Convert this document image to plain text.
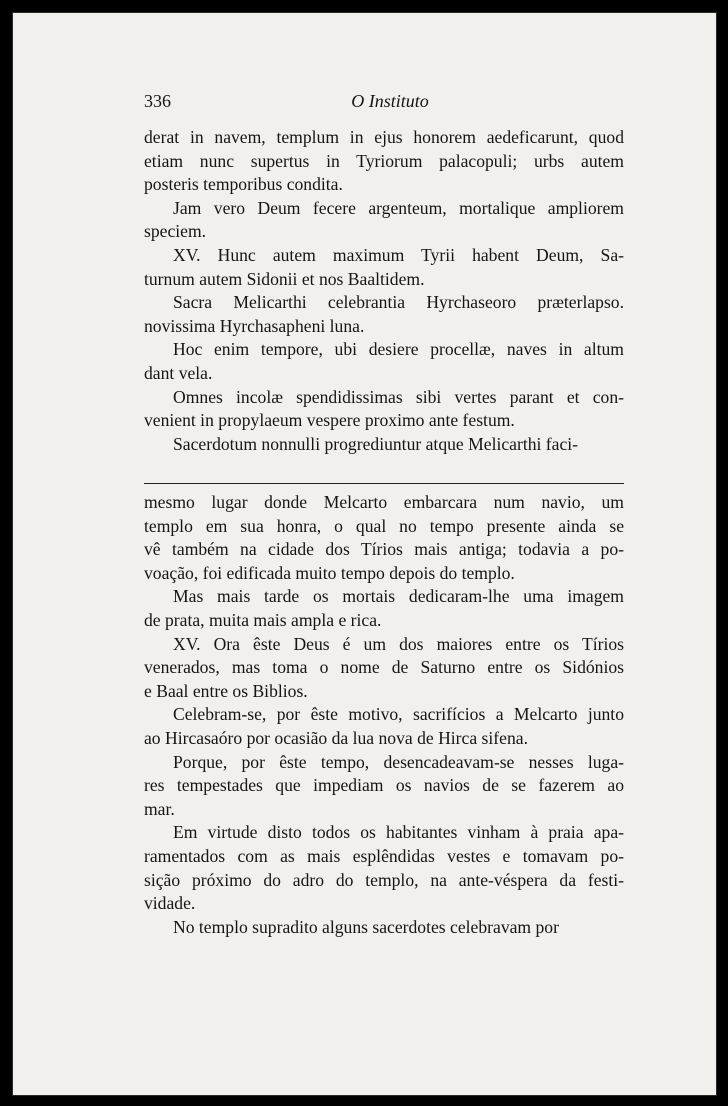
336	O Instituto
derat in navem, templum in ejus honorem aedeficarunt, quod
etiam nunc supertus in Tyriorum palacopuli; urbs autem
posteris temporibus condita.
Jam vero Deum fecere argenteum, mortalique ampliorem
speciem.
XV. Hunc autem maximum Tyrii habent Deum, Sa-
turnum autem Sidonii et nos Baaltidem.
Sacra Melicarthi celebrantia Hyrchaseoro præterlapso.
novissima Hyrchasapheni luna.
Hoc enim tempore, ubi desiere procellæ, naves in altum
dant vela.
Omnes incolæ spendidissimas sibi vertes parant et con-
venient in propylaeum vespere proximo ante festum.
Sacerdotum nonnulli progrediuntur atque Melicarthi faci-
mesmo lugar donde Melcarto embarcara num navio, um
templo em sua honra, o qual no tempo presente ainda se
vê também na cidade dos Tírios mais antiga; todavia a po-
voação, foi edificada muito tempo depois do templo.
Mas mais tarde os mortais dedicaram-lhe uma imagem
de prata, muita mais ampla e rica.
XV. Ora êste Deus é um dos maiores entre os Tírios
venerados, mas toma o nome de Saturno entre os Sidónios
e Baal entre os Biblios.
Celebram-se, por êste motivo, sacrifícios a Melcarto junto
ao Hircasaóro por ocasião da lua nova de Hirca sifena.
Porque, por êste tempo, desencadeavam-se nesses luga-
res tempestades que impediam os navios de se fazerem ao
mar.
Em virtude disto todos os habitantes vinham à praia apa-
ramentados com as mais esplêndidas vestes e tomavam po-
sição próximo do adro do templo, na ante-véspera da festi-
vidade.
No templo supradito alguns sacerdotes celebravam por
